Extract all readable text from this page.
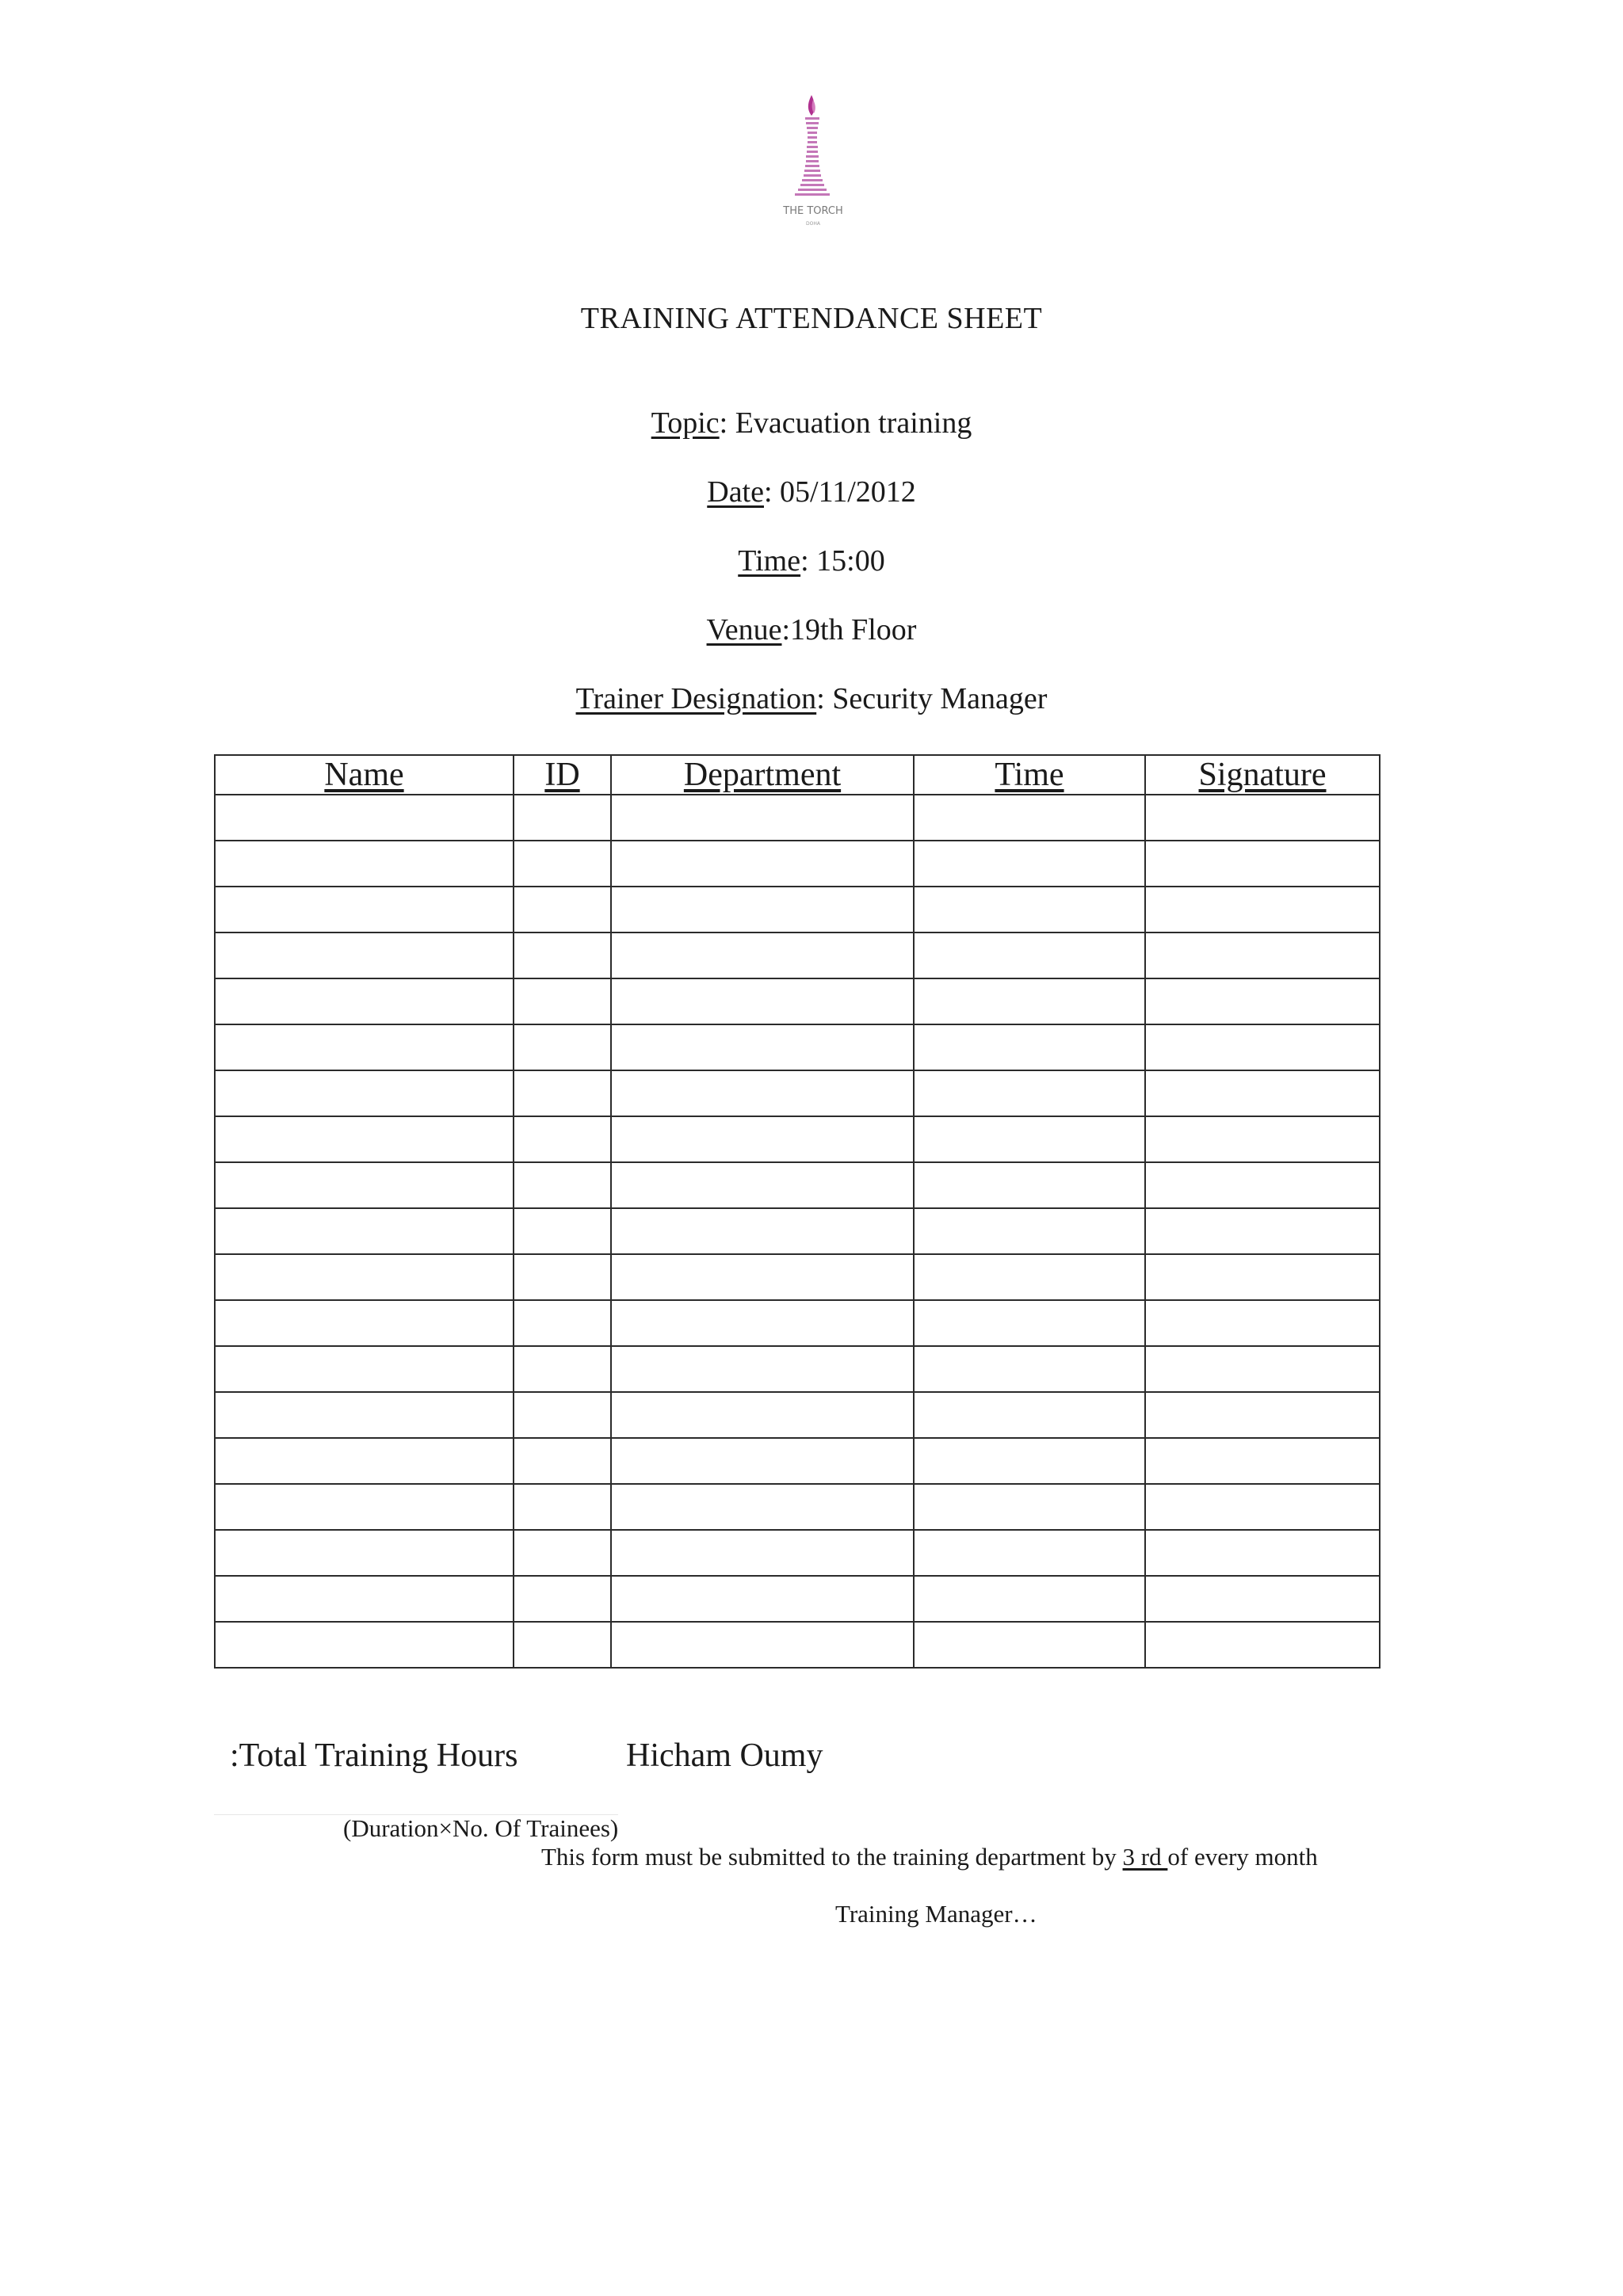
THE TORCH
DOHA
TRAINING ATTENDANCE SHEET
Topic: Evacuation training
Date: 05/11/2012
Time: 15:00
Venue:19th Floor
Trainer Designation: Security Manager
Name	ID	Department	Time	Signature

:Total Training Hours	Hicham Oumy
(Duration×No. Of Trainees)
This form must be submitted to the training department by 3 rd of every month
Training Manager…
